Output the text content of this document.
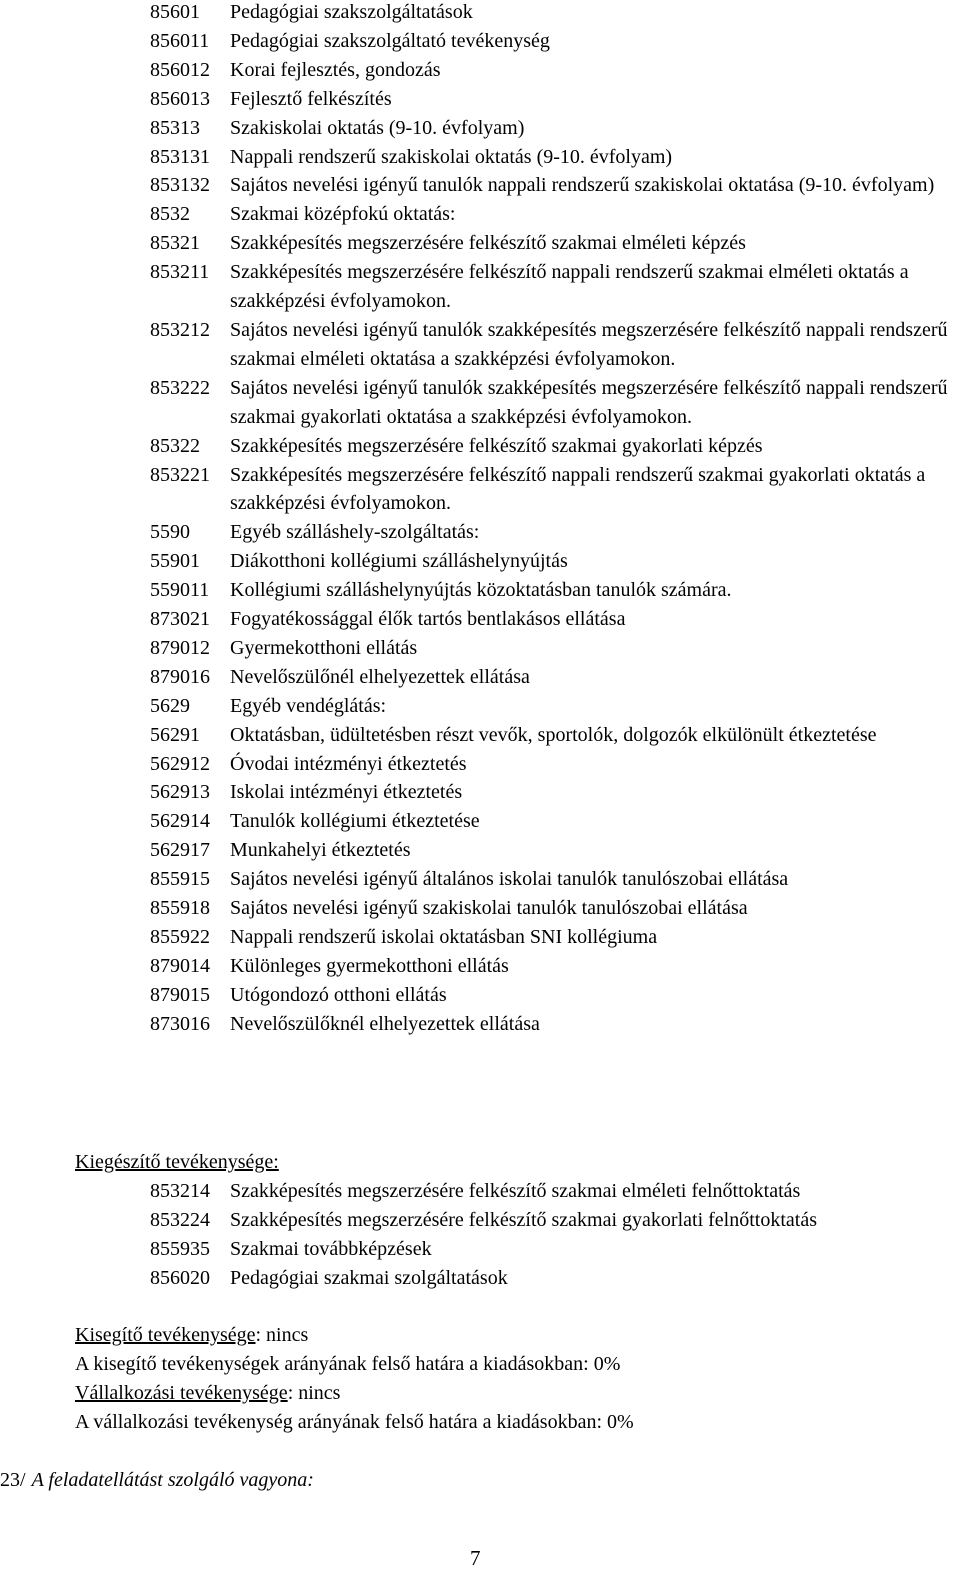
85601	Pedagógiai szakszolgáltatások
856011	Pedagógiai szakszolgáltató tevékenység
856012	Korai fejlesztés, gondozás
856013	Fejlesztő felkészítés
85313	Szakiskolai oktatás (9-10. évfolyam)
853131	Nappali rendszerű szakiskolai oktatás (9-10. évfolyam)
853132	Sajátos nevelési igényű tanulók nappali rendszerű szakiskolai oktatása (9-10. évfolyam)
8532	Szakmai középfokú oktatás:
85321	Szakképesítés megszerzésére felkészítő szakmai elméleti képzés
853211	Szakképesítés megszerzésére felkészítő nappali rendszerű szakmai elméleti oktatás a szakképzési évfolyamokon.
853212	Sajátos nevelési igényű tanulók szakképesítés megszerzésére felkészítő nappali rendszerű szakmai elméleti oktatása a szakképzési évfolyamokon.
853222	Sajátos nevelési igényű tanulók szakképesítés megszerzésére felkészítő nappali rendszerű szakmai gyakorlati oktatása a szakképzési évfolyamokon.
85322	Szakképesítés megszerzésére felkészítő szakmai gyakorlati képzés
853221	Szakképesítés megszerzésére felkészítő nappali rendszerű szakmai gyakorlati oktatás a szakképzési évfolyamokon.
5590	Egyéb szálláshely-szolgáltatás:
55901	Diákotthoni kollégiumi szálláshelynyújtás
559011	Kollégiumi szálláshelynyújtás közoktatásban tanulók számára.
873021	Fogyatékossággal élők tartós bentlakásos ellátása
879012	Gyermekotthoni ellátás
879016	Nevelőszülőnél elhelyezettek ellátása
5629	Egyéb vendéglátás:
56291	Oktatásban, üdültetésben részt vevők, sportolók, dolgozók elkülönült étkeztetése
562912	Óvodai intézményi étkeztetés
562913	Iskolai intézményi étkeztetés
562914	Tanulók kollégiumi étkeztetése
562917	Munkahelyi étkeztetés
855915	Sajátos nevelési igényű általános iskolai tanulók tanulószobai ellátása
855918	Sajátos nevelési igényű szakiskolai tanulók tanulószobai ellátása
855922	Nappali rendszerű iskolai oktatásban SNI kollégiuma
879014	Különleges gyermekotthoni ellátás
879015	Utógondozó otthoni ellátás
873016	Nevelőszülőknél elhelyezettek ellátása
Kiegészítő tevékenysége:
853214	Szakképesítés megszerzésére felkészítő szakmai elméleti felnőttoktatás
853224	Szakképesítés megszerzésére felkészítő szakmai gyakorlati felnőttoktatás
855935	Szakmai továbbképzések
856020	Pedagógiai szakmai szolgáltatások
Kisegítő tevékenysége: nincs
A kisegítő tevékenységek arányának felső határa a kiadásokban: 0%
Vállalkozási tevékenysége: nincs
A vállalkozási tevékenység arányának felső határa a kiadásokban: 0%
23/ A feladatellátást szolgáló vagyona:
7
